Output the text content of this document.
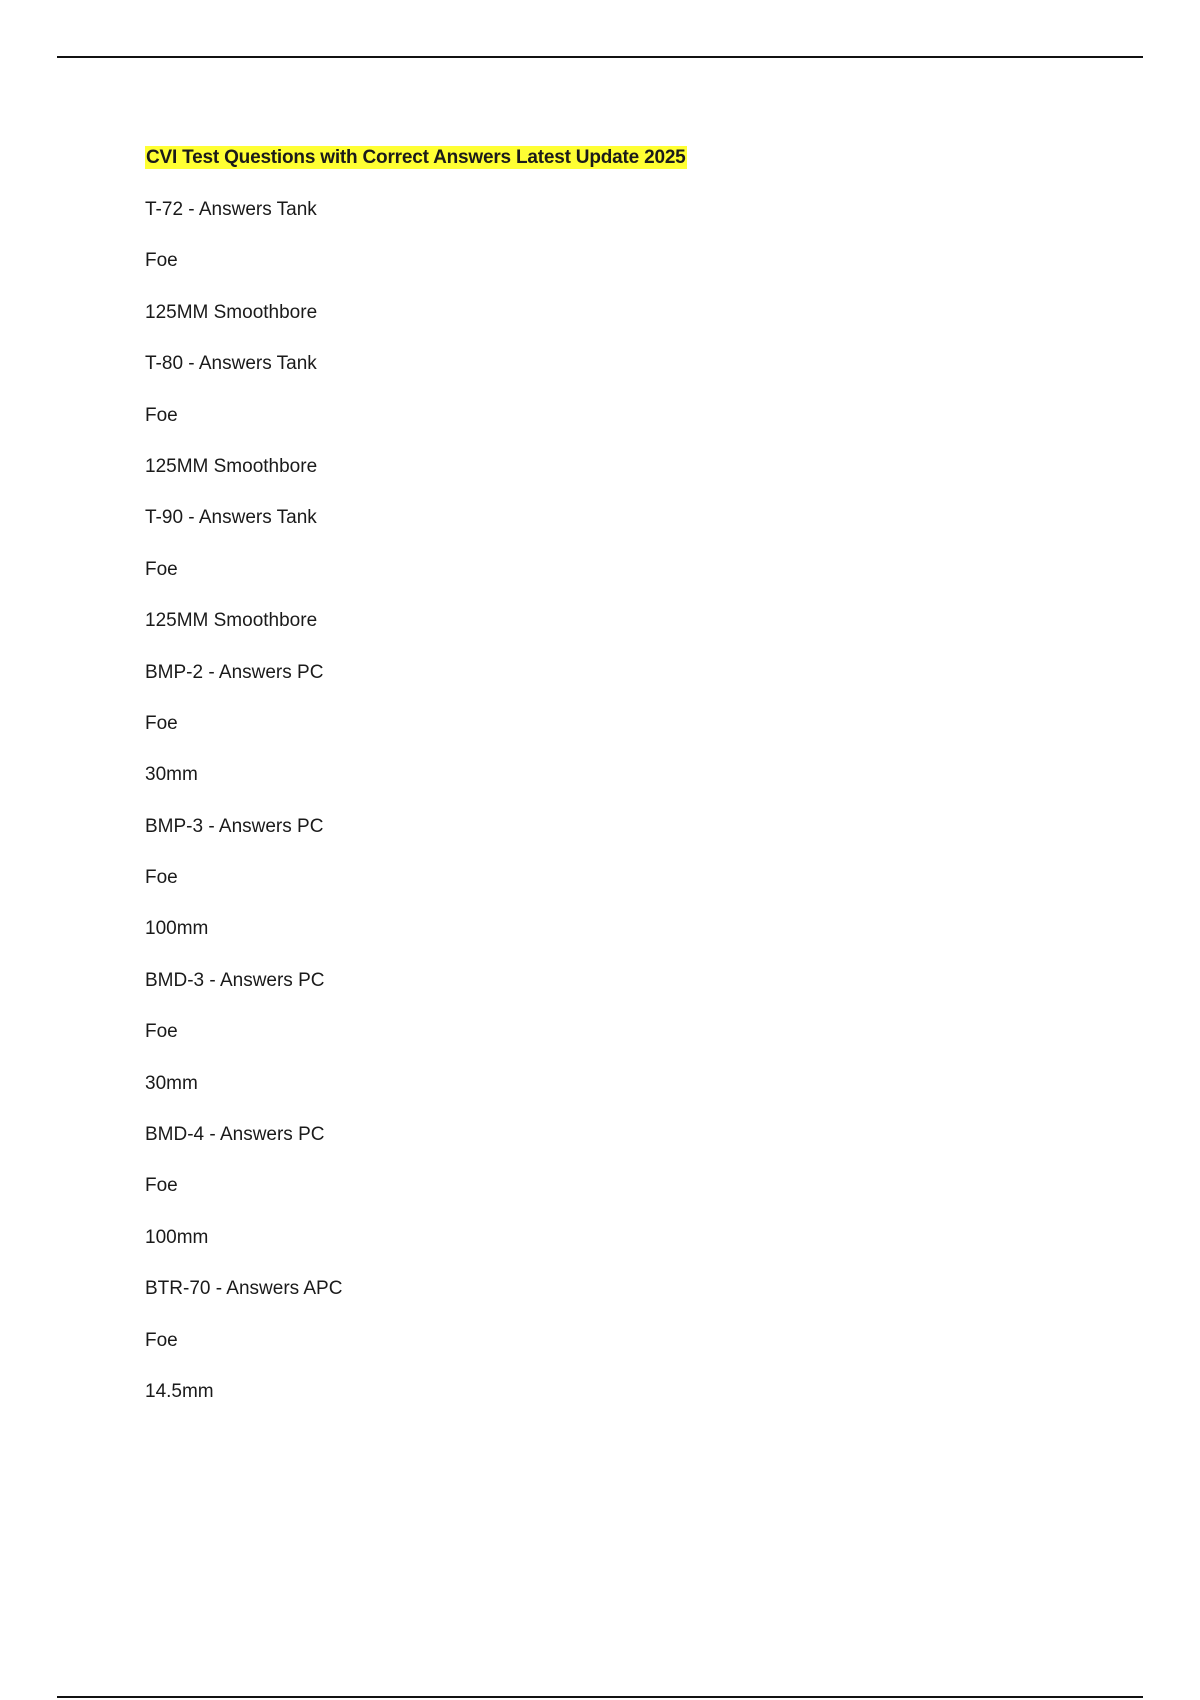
CVI Test Questions with Correct Answers Latest Update 2025
T-72 - Answers Tank
Foe
125MM Smoothbore
T-80 - Answers Tank
Foe
125MM Smoothbore
T-90 - Answers Tank
Foe
125MM Smoothbore
BMP-2 - Answers PC
Foe
30mm
BMP-3 - Answers PC
Foe
100mm
BMD-3 - Answers PC
Foe
30mm
BMD-4 - Answers PC
Foe
100mm
BTR-70 - Answers APC
Foe
14.5mm
